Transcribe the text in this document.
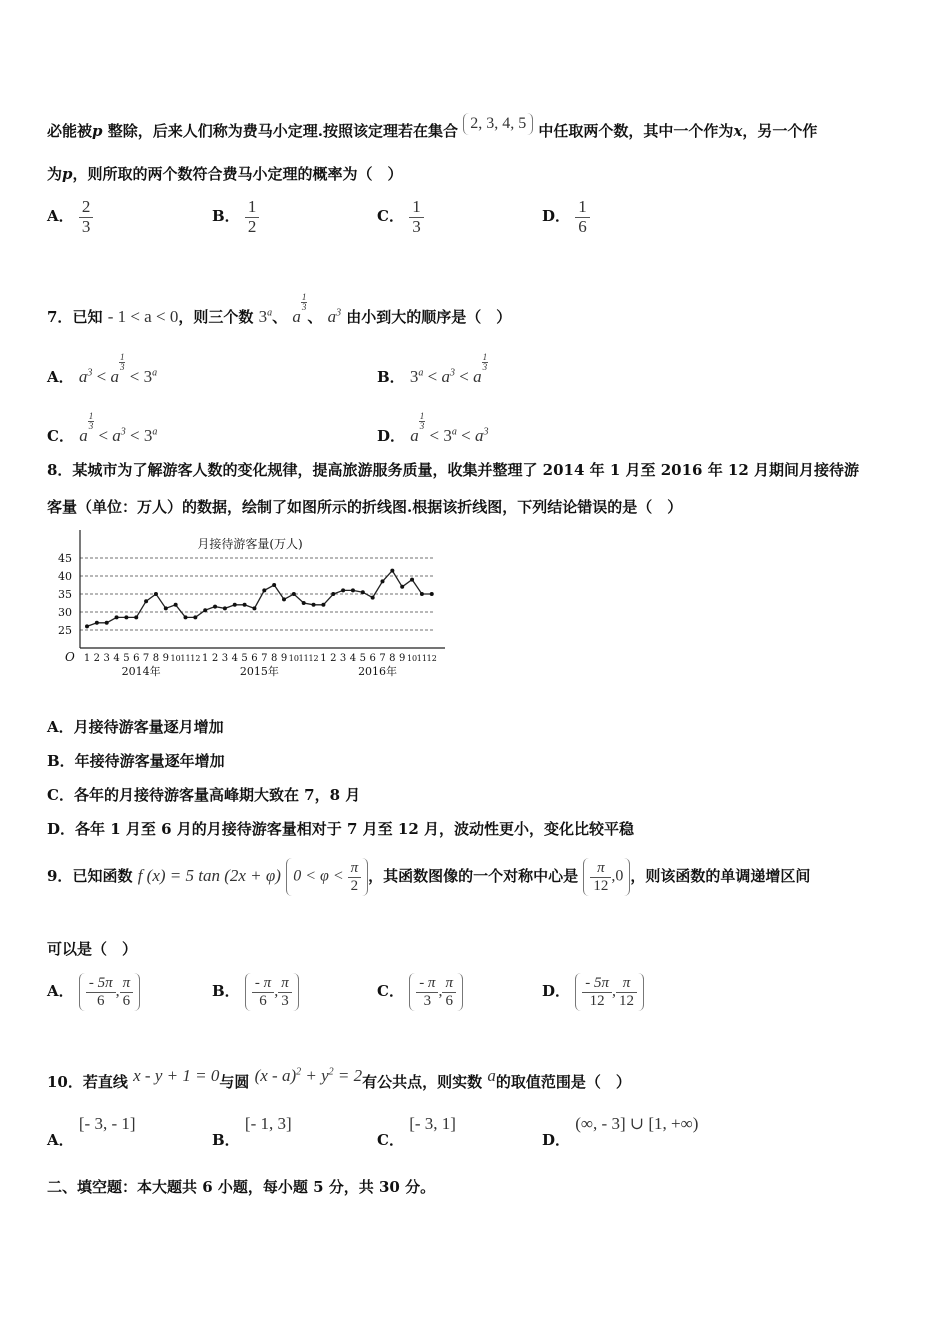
必能被p 整除，后来人们称为费马小定理.按照该定理若在集合 2, 3, 4, 5 中任取两个数，其中一个作为x，另一个作
为p，则所取的两个数符合费马小定理的概率为（　）
A． $\frac{2}{3}$	B． $\frac{1}{2}$	C． $\frac{1}{3}$	D． $\frac{1}{6}$
7．已知 - 1 < a < 0，则三个数 3$^a$、 a
$\frac{1}{3}$
、 $a^3$ 由小到大的顺序是（　）
A． $a^3 < a$
$\frac{1}{3}$
< $3^a$	B． $3^a < a^3 < a$
$\frac{1}{3}$
C． a
$\frac{1}{3}$
< $a^3 < 3^a$	D． a
$\frac{1}{3}$
< $3^a < a^3$
8．某城市为了解游客人数的变化规律，提高旅游服务质量，收集并整理了 2014 年 1 月至 2016 年 12 月期间月接待游
客量（单位：万人）的数据，绘制了如图所示的折线图.根据该折线图，下列结论错误的是（　）
25
30
35
40
45
1 2 3 4 5 6 7 8 9 10 11 12 1 2 3 4 5 6 7 8 9 10 11 12 1 2 3 4 5 6 7 8 9 10 11 12
2014年	2015年	2016年
月接待游客量(万人)
O
A．月接待游客量逐月增加
B．年接待游客量逐年增加
C．各年的月接待游客量高峰期大致在 7，8 月
D．各年 1 月至 6 月的月接待游客量相对于 7 月至 12 月，波动性更小，变化比较平稳
9．已知函数 f (x) = 5 tan (2x + φ) $0 < \varphi < \frac{\pi}{2}$ ，其函数图像的一个对称中心是 $\frac{\pi}{12} ,0$ ，则该函数的单调递增区间
可以是（　）
A． $\frac{- 5\pi}{6}$ , $\frac{\pi}{6}$	B． $\frac{- \pi}{6}$ , $\frac{\pi}{3}$	C． $\frac{- \pi}{3}$ , $\frac{\pi}{6}$	D． $\frac{- 5\pi}{12}$ , $\frac{\pi}{12}$
10．若直线 x - y + 1 = 0与圆 $(x - a)^2 + y^2 = 2$有公共点，则实数 a的取值范围是（　）
A． [- 3, - 1]
B． [- 1, 3]
C． [- 3, 1]
D． (∞, - 3] ∪ [1, +∞)
二、填空题：本大题共 6 小题，每小题 5 分，共 30 分。
